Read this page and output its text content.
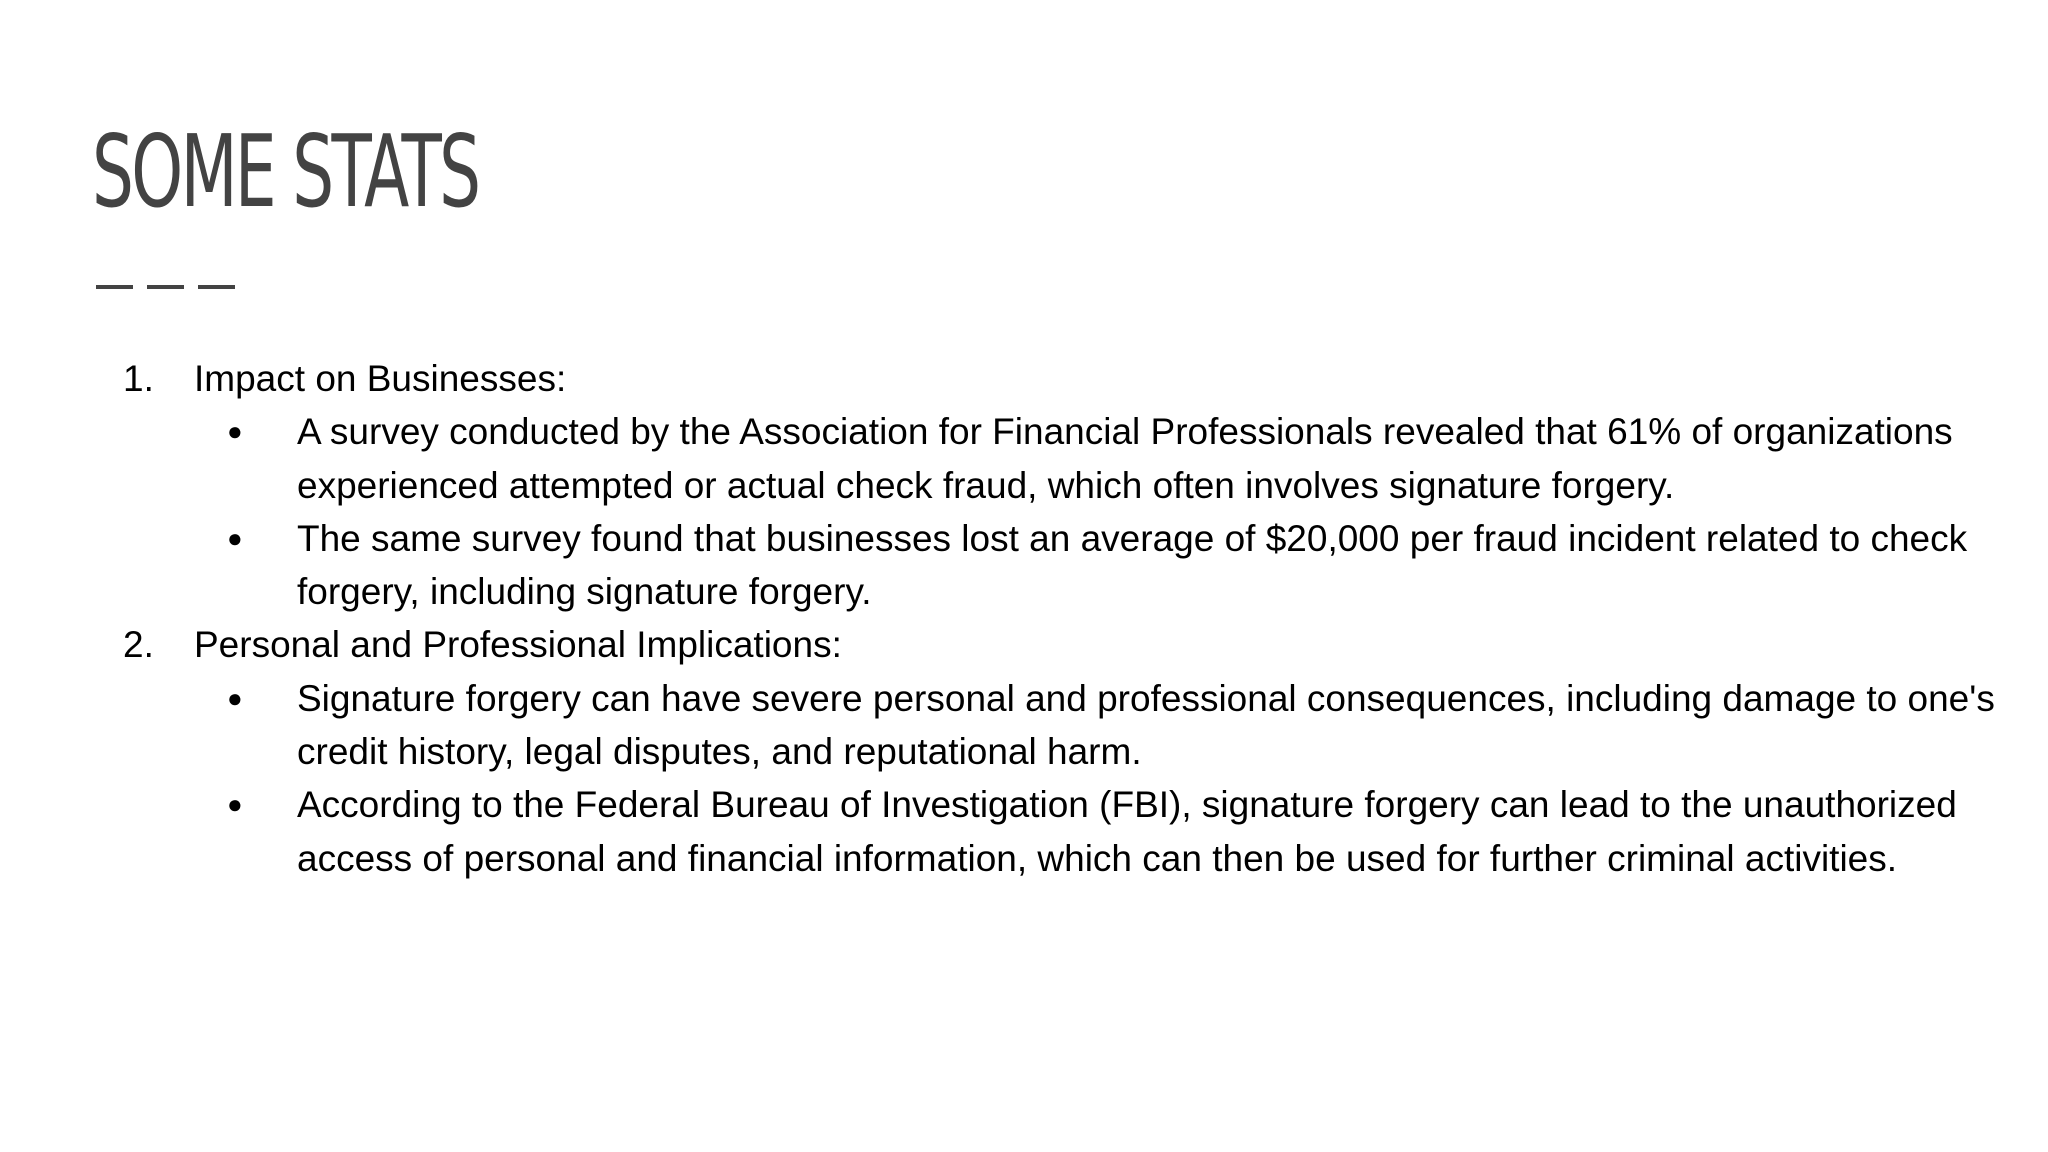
SOME STATS
1. Impact on Businesses:
● A survey conducted by the Association for Financial Professionals revealed that 61% of organizations experienced attempted or actual check fraud, which often involves signature forgery.
● The same survey found that businesses lost an average of $20,000 per fraud incident related to check forgery, including signature forgery.
2. Personal and Professional Implications:
● Signature forgery can have severe personal and professional consequences, including damage to one's credit history, legal disputes, and reputational harm.
● According to the Federal Bureau of Investigation (FBI), signature forgery can lead to the unauthorized access of personal and financial information, which can then be used for further criminal activities.
